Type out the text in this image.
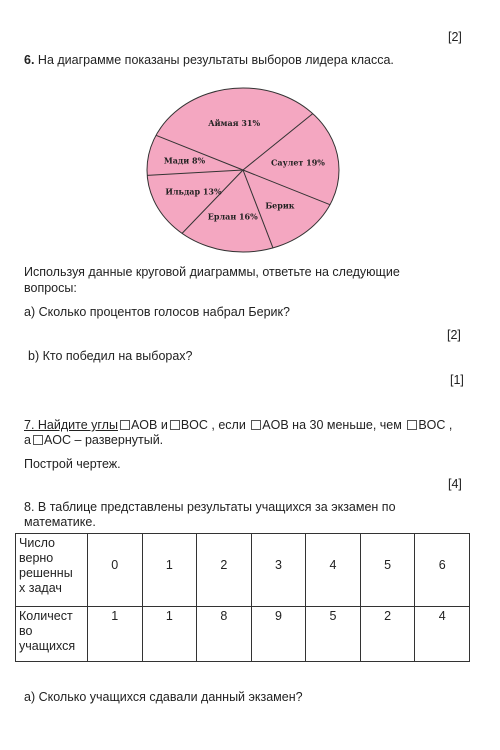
[2]
6. На диаграмме показаны результаты выборов лидера класса.
Аймая 31%
Саулет 19%
Берик
Ерлан 16%
Ильдар 13%
Мади 8%
Используя данные круговой диаграммы, ответьте на следующие
вопросы:
а) Сколько процентов голосов набрал Берик?
[2]
b) Кто победил на выборах?
[1]
7. Найдите углы AOB и BOC , если AOB на 30 меньше, чем BOC ,
а AOC – развернутый.
Построй чертеж.
[4]
8. В таблице представлены результаты учащихся за экзамен по
математике.
Число
верно
решенны
х задач	0	1	2	3	4	5	6

Количест
во
учащихся	1	1	8	9	5	2	4
а) Сколько учащихся сдавали данный экзамен?
